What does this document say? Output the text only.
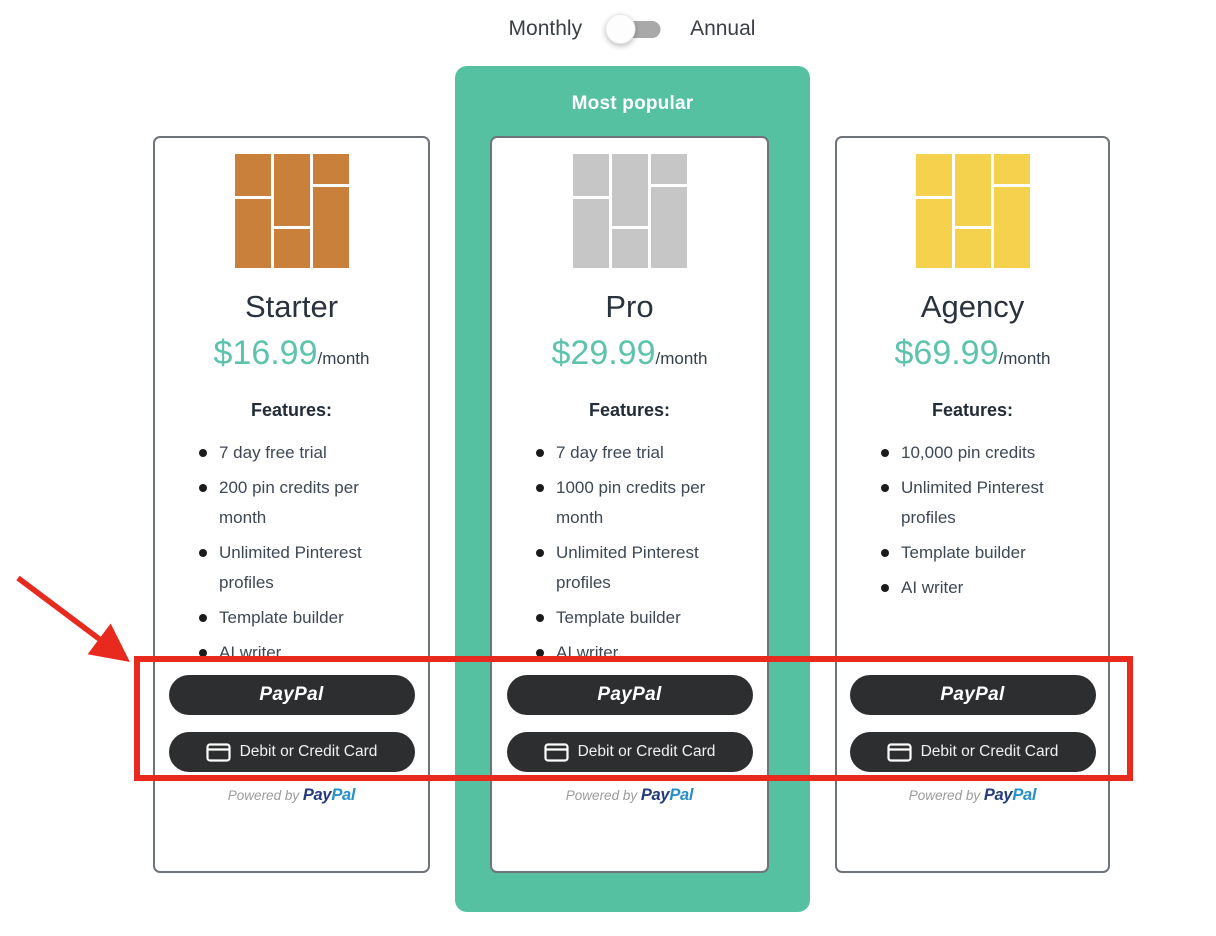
Monthly	Annual
Most popular
Starter
$16.99/month
Features:
7 day free trial
200 pin credits per month
Unlimited Pinterest profiles
Template builder
AI writer
PayPal
Debit or Credit Card
Powered by PayPal
Pro
$29.99/month
Features:
7 day free trial
1000 pin credits per month
Unlimited Pinterest profiles
Template builder
AI writer
PayPal
Debit or Credit Card
Powered by PayPal
Agency
$69.99/month
Features:
10,000 pin credits
Unlimited Pinterest profiles
Template builder
AI writer
PayPal
Debit or Credit Card
Powered by PayPal
